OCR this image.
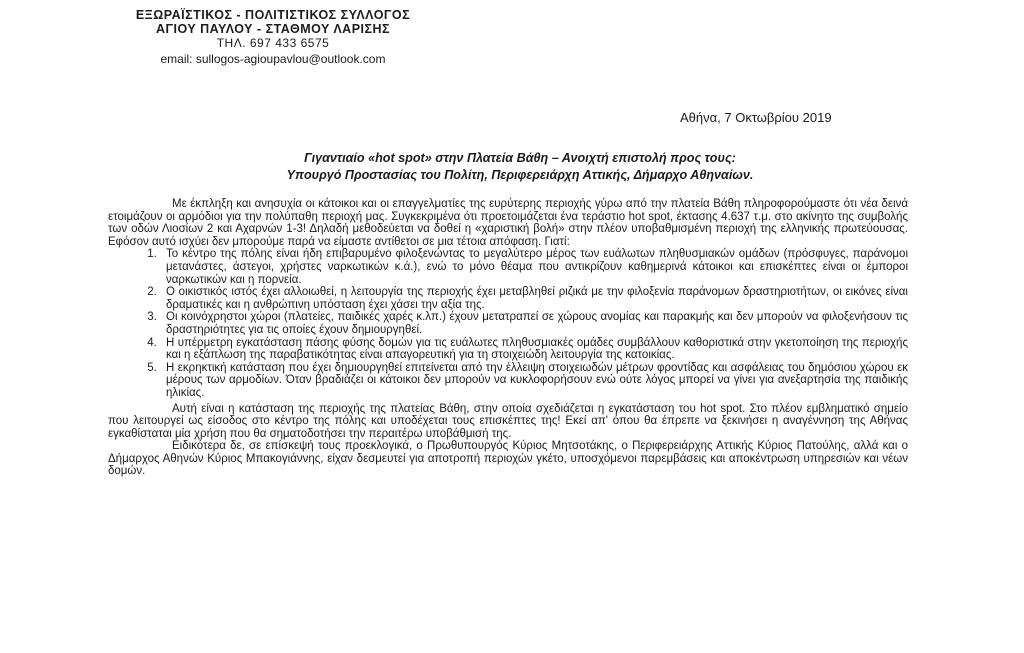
ΕΞΩΡΑΪΣΤΙΚΟΣ - ΠΟΛΙΤΙΣΤΙΚΟΣ ΣΥΛΛΟΓΟΣ
ΑΓΙΟΥ ΠΑΥΛΟΥ - ΣΤΑΘΜΟΥ ΛΑΡΙΣΗΣ
ΤΗΛ. 697 433 6575
email: sullogos-agioupavlou@outlook.com
Αθήνα, 7 Οκτωβρίου 2019
Γιγαντιαίο «hot spot» στην Πλατεία Βάθη – Ανοιχτή επιστολή προς τους:
Υπουργό Προστασίας του Πολίτη, Περιφερειάρχη Αττικής, Δήμαρχο Αθηναίων.

Με έκπληξη και ανησυχία οι κάτοικοι και οι επαγγελματίες της ευρύτερης περιοχής γύρω από την πλατεία Βάθη πληροφορούμαστε ότι νέα δεινά ετοιμάζουν οι αρμόδιοι για την πολύπαθη περιοχή μας. Συγκεκριμένα ότι προετοιμάζεται ένα τεράστιο hot spot, έκτασης 4.637 τ.μ. στο ακίνητο της συμβολής των οδών Λιοσίων 2 και Αχαρνών 1-3! Δηλαδή μεθοδεύεται να δοθεί η «χαριστική βολή» στην πλέον υποβαθμισμένη περιοχή της ελληνικής πρωτεύουσας. Εφόσον αυτό ισχύει δεν μπορούμε παρά να είμαστε αντίθετοι σε μια τέτοια απόφαση. Γιατί:

1. Το κέντρο της πόλης είναι ήδη επιβαρυμένο φιλοξενώντας το μεγαλύτερο μέρος των ευάλωτων πληθυσμιακών ομάδων (πρόσφυγες, παράνομοι μετανάστες, άστεγοι, χρήστες ναρκωτικών κ.ά.), ενώ το μόνο θέαμα που αντικρίζουν καθημερινά κάτοικοι και επισκέπτες είναι οι έμποροι ναρκωτικών και η πορνεία.
2. Ο οικιστικός ιστός έχει αλλοιωθεί, η λειτουργία της περιοχής έχει μεταβληθεί ριζικά με την φιλοξενία παράνομων δραστηριοτήτων, οι εικόνες είναι δραματικές και η ανθρώπινη υπόσταση έχει χάσει την αξία της.
3. Οι κοινόχρηστοι χώροι (πλατείες, παιδικές χαρές κ.λπ.) έχουν μετατραπεί σε χώρους ανομίας και παρακμής και δεν μπορούν να φιλοξενήσουν τις δραστηριότητες για τις οποίες έχουν δημιουργηθεί.
4. Η υπέρμετρη εγκατάσταση πάσης φύσης δομών για τις ευάλωτες πληθυσμιακές ομάδες συμβάλλουν καθοριστικά στην γκετοποίηση της περιοχής και η εξάπλωση της παραβατικότητας είναι απαγορευτική για τη στοιχειώδη λειτουργία της κατοικίας.
5. Η εκρηκτική κατάσταση που έχει δημιουργηθεί επιτείνεται από την έλλειψη στοιχειωδών μέτρων φροντίδας και ασφάλειας του δημόσιου χώρου εκ μέρους των αρμοδίων. Όταν βραδιάζει οι κάτοικοι δεν μπορούν να κυκλοφορήσουν ενώ ούτε λόγος μπορεί να γίνει για ανεξαρτησία της παιδικής ηλικίας.

Αυτή είναι η κατάσταση της περιοχής της πλατείας Βάθη, στην οποία σχεδιάζεται η εγκατάσταση του hot spot. Στο πλέον εμβληματικό σημείο που λειτουργεί ως είσοδος στο κέντρο της πόλης και υποδέχεται τους επισκέπτες της! Εκεί απ' όπου θα έπρεπε να ξεκινήσει η αναγέννηση της Αθήνας εγκαθίσταται μία χρήση που θα σηματοδοτήσει την περαιτέρω υποβάθμισή της.

Ειδικότερα δε, σε επίσκεψή τους προεκλογικά, ο Πρωθυπουργός Κύριος Μητσοτάκης, ο Περιφερειάρχης Αττικής Κύριος Πατούλης, αλλά και ο Δήμαρχος Αθηνών Κύριος Μπακογιάννης, είχαν δεσμευτεί για αποτροπή περιοχών γκέτο, υποσχόμενοι παρεμβάσεις και αποκέντρωση υπηρεσιών και νέων δομών.
